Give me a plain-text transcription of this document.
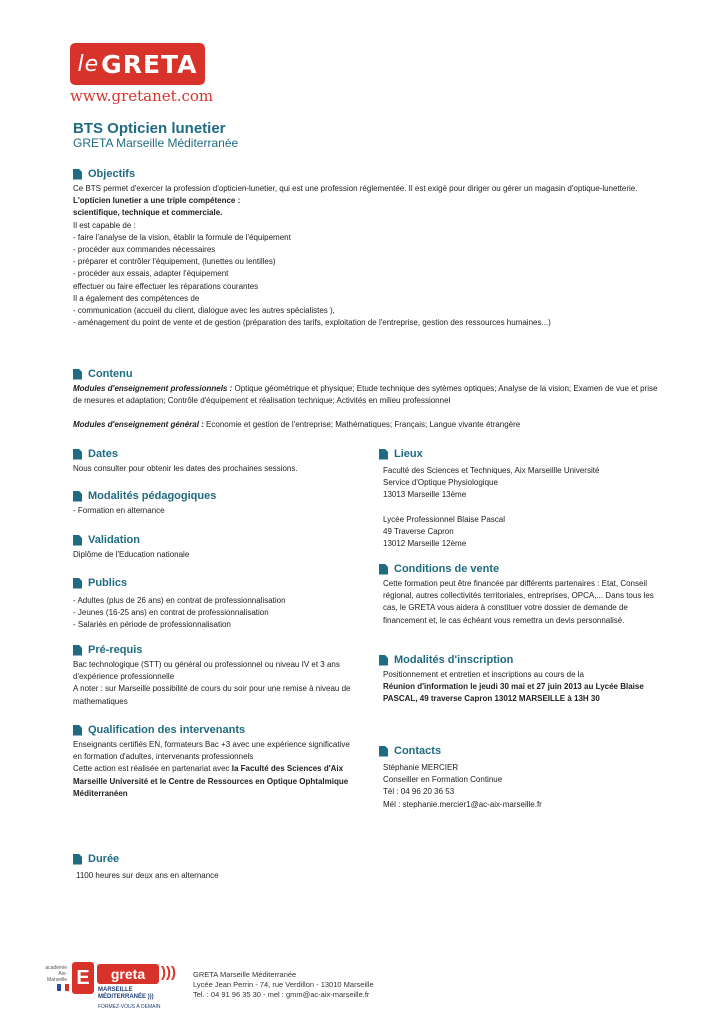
le GRETA
www.gretanet.com
BTS Opticien lunetier
GRETA Marseille Méditerranée
Objectifs
Ce BTS permet d'exercer la profession d'opticien-lunetier, qui est une profession réglementée. Il est exigé pour diriger ou gérer un magasin d'optique-lunetterie.
L'opticien lunetier a une triple compétence :
scientifique, technique et commerciale.
Il est capable de :
- faire l'analyse de la vision, établir la formule de l'équipement
- procéder aux commandes nécessaires
- préparer et contrôler l'équipement, (lunettes ou lentilles)
- procéder aux essais, adapter l'équipement
effectuer ou faire effectuer les réparations courantes
Il a également des compétences de
- communication (accueil du client, dialogue avec les autres spécialistes ),
- aménagement du point de vente et de gestion (préparation des tarifs, exploitation de l'entreprise, gestion des ressources humaines...)
Contenu
Modules d'enseignement professionnels : Optique géométrique et physique; Etude technique des sytèmes optiques; Analyse de la vision; Examen de vue et prise de mesures et adaptation; Contrôle d'équipement et réalisation technique; Activités en milieu professionnel
Modules d'enseignement général : Economie et gestion de l'entreprise; Mathématiques; Français; Langue vivante étrangère
Dates
Nous consulter pour obtenir les dates des prochaines sessions.
Modalités pédagogiques
- Formation en alternance
Validation
Diplôme de l'Education nationale
Publics
- Adultes (plus de 26 ans) en contrat de professionnalisation
- Jeunes (16-25 ans) en contrat de professionnalisation
- Salariés en période de professionnalisation
Pré-requis
Bac technologique (STT) ou général ou professionnel ou niveau IV et 3 ans d'expérience professionnelle
A noter : sur Marseille possibilité de cours du soir pour une remise à niveau de mathematiques
Qualification des intervenants
Enseignants certifiés EN, formateurs Bac +3 avec une expérience significative en formation d'adultes, intervenants professionnels
Cette action est réalisée en partenariat avec la Faculté des Sciences d'Aix Marseille Université et le Centre de Ressources en Optique Ophtalmique Méditerranéen
Durée
1100 heures sur deux ans en alternance
Lieux
Faculté des Sciences et Techniques, Aix Marseillle Université
Service d'Optique Physiologique
13013 Marseille 13ème
Lycée Professionnel Blaise Pascal
49 Traverse Capron
13012 Marseille 12ème
Conditions de vente
Cette formation peut être financée par différents partenaires : Etat, Conseil régional, autres collectivités territoriales, entreprises, OPCA,... Dans tous les cas, le GRETA vous aidera à constituer votre dossier de demande de financement et, le cas échéant vous remettra un devis personnalisé.
Modalités d'inscription
Positionnement et entretien et inscriptions au cours de la
Réunion d'information le jeudi 30 mai et 27 juin 2013 au Lycée Blaise PASCAL, 49 traverse Capron 13012 MARSEILLE à 13H 30
Contacts
Stéphanie MERCIER
Conseiller en Formation Continue
Tél : 04 96 20 36 53
Mél : stephanie.mercier1@ac-aix-marseille.fr
académie
Aix-Marseille E	greta	)))
MARSEILLE
MÉDITERRANÉE )))
FORMEZ-VOUS À DEMAIN
GRETA Marseille Méditerranée
Lycée Jean Perrin - 74, rue Verdillon - 13010 Marseille
Tel. : 04 91 96 35 30 - mel : gmm@ac-aix-marseille.fr
